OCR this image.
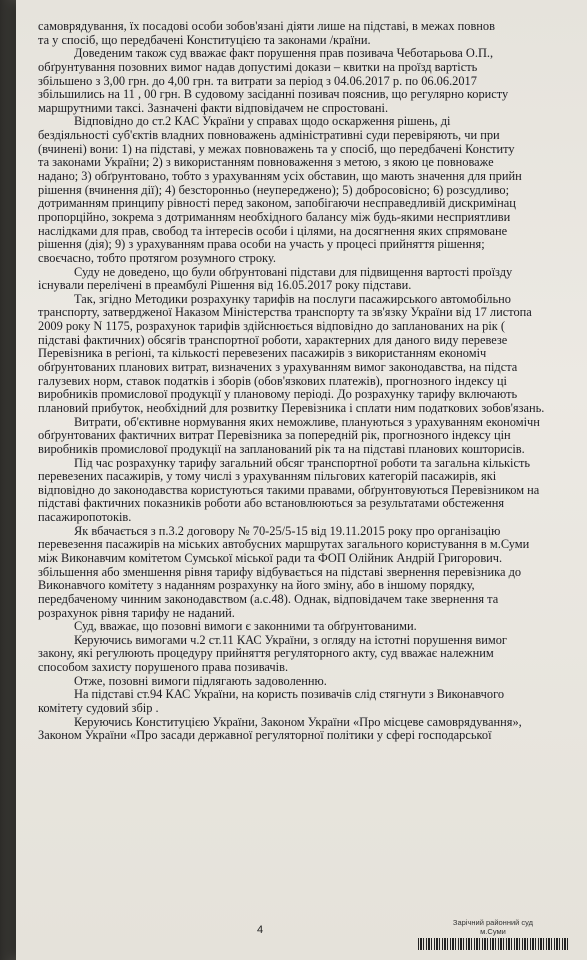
самоврядування, їх посадові особи зобов'язані діяти лише на підставі, в межах повнов
та у спосіб, що передбачені Конституцією та законами /країни.
Доведеним також суд вважає факт порушення прав позивача Чеботарьова О.П.,
обґрунтування позовних вимог надав допустимі докази – квитки на проїзд вартість
збільшено з 3,00 грн. до 4,00 грн. та витрати за період з 04.06.2017 р. по 06.06.2017
збільшились на 11 , 00 грн. В судовому засіданні позивач пояснив, що регулярно користу
маршрутними таксі. Зазначені факти відповідачем не спростовані.
Відповідно до ст.2 КАС України у справах щодо оскарження рішень, ді
бездіяльності суб'єктів владних повноважень адміністративні суди перевіряють, чи при
(вчинені) вони: 1) на підставі, у межах повноважень та у спосіб, що передбачені Конститу
та законами України; 2) з використанням повноваження з метою, з якою це повноваже
надано; 3) обґрунтовано, тобто з урахуванням усіх обставин, що мають значення для прийн
рішення (вчинення дії); 4) безсторонньо (неупереджено); 5) добросовісно; 6) розсудливо;
дотриманням принципу рівності перед законом, запобігаючи несправедливій дискримінац
пропорційно, зокрема з дотриманням необхідного балансу між будь-якими несприятливи
наслідками для прав, свобод та інтересів особи і цілями, на досягнення яких спрямоване
рішення (дія); 9) з урахуванням права особи на участь у процесі прийняття рішення;
своєчасно, тобто протягом розумного строку.
Суду не доведено, що були обґрунтовані підстави для підвищення вартості проїзду
існували перелічені в преамбулі Рішення від 16.05.2017 року підстави.
Так, згідно Методики розрахунку тарифів на послуги пасажирського автомобільно
транспорту, затвердженої Наказом Міністерства транспорту та зв'язку України від 17 листопа
2009 року N 1175, розрахунок тарифів здійснюється відповідно до запланованих на рік (
підставі фактичних) обсягів транспортної роботи, характерних для даного виду перевезе
Перевізника в регіоні, та кількості перевезених пасажирів з використанням економіч
обґрунтованих планових витрат, визначених з урахуванням вимог законодавства, на підста
галузевих норм, ставок податків і зборів (обов'язкових платежів), прогнозного індексу ці
виробників промислової продукції у плановому періоді. До розрахунку тарифу включають
плановий прибуток, необхідний для розвитку Перевізника і сплати ним податкових зобов'язань.
Витрати, об'єктивне нормування яких неможливе, плануються з урахуванням економічн
обґрунтованих фактичних витрат Перевізника за попередній рік, прогнозного індексу цін
виробників промислової продукції на запланований рік та на підставі планових кошторисів.
Під час розрахунку тарифу загальний обсяг транспортної роботи та загальна кількість
перевезених пасажирів, у тому числі з урахуванням пільгових категорій пасажирів, які
відповідно до законодавства користуються такими правами, обґрунтовуються Перевізником на
підставі фактичних показників роботи або встановлюються за результатами обстеження
пасажиропотоків.
Як вбачається з п.3.2 договору № 70-25/5-15 від 19.11.2015 року про організацію
перевезення пасажирів на міських автобусних маршрутах загального користування в м.Суми
між Виконавчим комітетом Сумської міської ради та ФОП Олійник Андрій Григорович.
збільшення або зменшення рівня тарифу відбувається на підставі звернення перевізника до
Виконавчого комітету з наданням розрахунку на його зміну, або в іншому порядку,
передбаченому чинним законодавством (а.с.48). Однак, відповідачем таке звернення та
розрахунок рівня тарифу не наданий.
Суд, вважає, що позовні вимоги є законними та обґрунтованими.
Керуючись вимогами ч.2 ст.11 КАС України, з огляду на істотні порушення вимог
закону, які регулюють процедуру прийняття регуляторного акту, суд вважає належним
способом захисту порушеного права позивачів.
Отже, позовні вимоги підлягають задоволенню.
На підставі ст.94 КАС України, на користь позивачів слід стягнути з Виконавчого
комітету судовий збір .
Керуючись Конституцією України, Законом України «Про місцеве самоврядування»,
Законом України «Про засади державної регуляторної політики у сфері господарської
4
Зарічний районний суд
м.Суми
